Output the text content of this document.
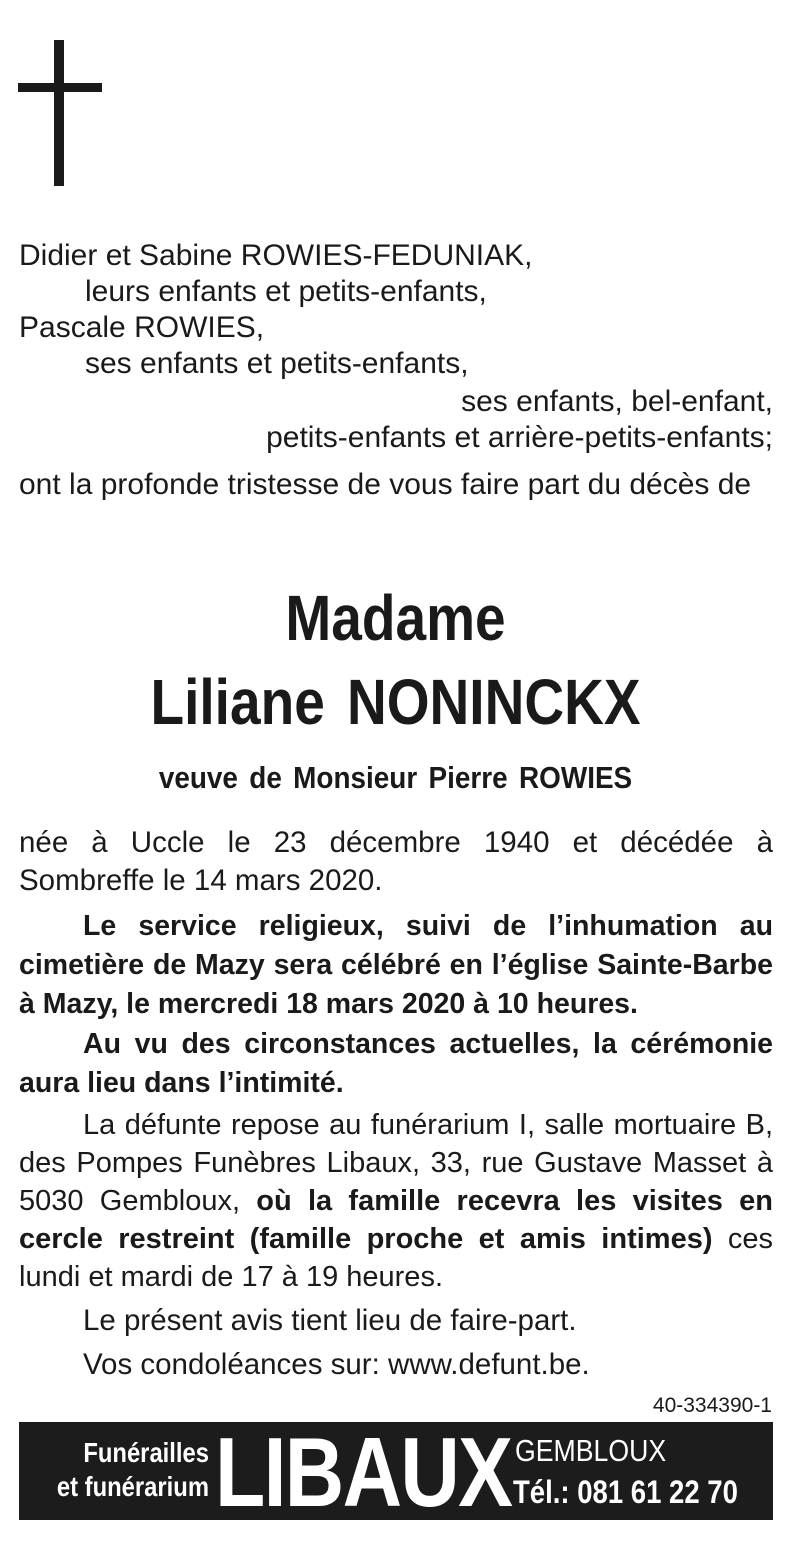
Didier et Sabine ROWIES-FEDUNIAK,
leurs enfants et petits-enfants,
Pascale ROWIES,
ses enfants et petits-enfants,
ses enfants, bel-enfant,
petits-enfants et arrière-petits-enfants;
ont la profonde tristesse de vous faire part du décès de
Madame
Liliane NONINCKX
veuve de Monsieur Pierre ROWIES
née à Uccle le 23 décembre 1940 et décédée à Sombreffe le 14 mars 2020.
Le service religieux, suivi de l’inhumation au cimetière de Mazy sera célébré en l’église Sainte-Barbe à Mazy, le mercredi 18 mars 2020 à 10 heures.
Au vu des circonstances actuelles, la cérémonie aura lieu dans l’intimité.
La défunte repose au funérarium I, salle mortuaire B, des Pompes Funèbres Libaux, 33, rue Gustave Masset à 5030 Gembloux, où la famille recevra les visites en cercle restreint (famille proche et amis intimes) ces lundi et mardi de 17 à 19 heures.
Le présent avis tient lieu de faire-part.
Vos condoléances sur: www.defunt.be.
40-334390-1
Funérailles
et funérarium LIBAUX GEMBLOUX
Tél.: 081 61 22 70
